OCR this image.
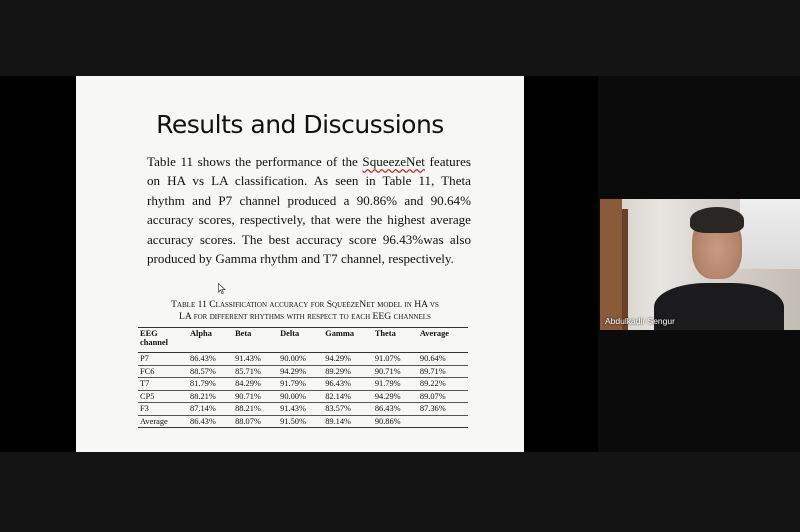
Results and Discussions
Table 11 shows the performance of the SqueezeNet features on HA vs LA classification. As seen in Table 11, Theta rhythm and P7 channel produced a 90.86% and 90.64% accuracy scores, respectively, that were the highest average accuracy scores. The best accuracy score 96.43%was also produced by Gamma rhythm and T7 channel, respectively.
Table 11 Classification accuracy for SqueezeNet model in HA vs
LA for different rhythms with respect to each EEG channels
EEG channel	Alpha	Beta	Delta	Gamma	Theta	Average
P7	86.43%	91.43%	90.00%	94.29%	91.07%	90.64%
FC6	88.57%	85.71%	94.29%	89.29%	90.71%	89.71%
T7	81.79%	84.29%	91.79%	96.43%	91.79%	89.22%
CP5	88.21%	90.71%	90.00%	82.14%	94.29%	89.07%
F3	87.14%	88.21%	91.43%	83.57%	86.43%	87.36%
Average	86.43%	88.07%	91.50%	89.14%	90.86%	
Abdulkadir Sengur
